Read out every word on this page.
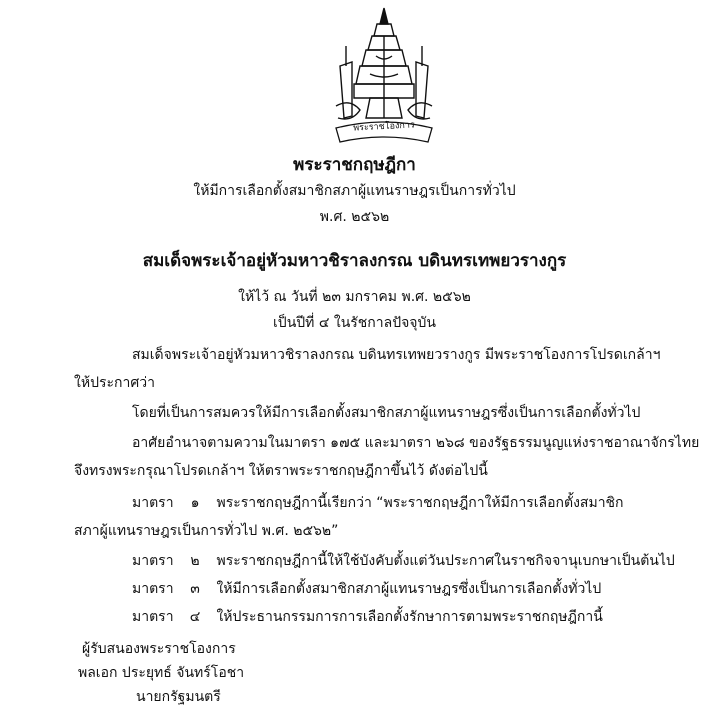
พระราชโองการ
พระราชกฤษฎีกา
ให้มีการเลือกตั้งสมาชิกสภาผู้แทนราษฎรเป็นการทั่วไป
พ.ศ. ๒๕๖๒
สมเด็จพระเจ้าอยู่หัวมหาวชิราลงกรณ บดินทรเทพยวรางกูร
ให้ไว้ ณ วันที่ ๒๓ มกราคม พ.ศ. ๒๕๖๒
เป็นปีที่ ๔ ในรัชกาลปัจจุบัน
สมเด็จพระเจ้าอยู่หัวมหาวชิราลงกรณ บดินทรเทพยวรางกูร มีพระราชโองการโปรดเกล้าฯ
ให้ประกาศว่า
โดยที่เป็นการสมควรให้มีการเลือกตั้งสมาชิกสภาผู้แทนราษฎรซึ่งเป็นการเลือกตั้งทั่วไป
อาศัยอำนาจตามความในมาตรา ๑๗๕ และมาตรา ๒๖๘ ของรัฐธรรมนูญแห่งราชอาณาจักรไทย
จึงทรงพระกรุณาโปรดเกล้าฯ ให้ตราพระราชกฤษฎีกาขึ้นไว้ ดังต่อไปนี้
มาตรา ๑ พระราชกฤษฎีกานี้เรียกว่า “พระราชกฤษฎีกาให้มีการเลือกตั้งสมาชิก
สภาผู้แทนราษฎรเป็นการทั่วไป พ.ศ. ๒๕๖๒”
มาตรา ๒ พระราชกฤษฎีกานี้ให้ใช้บังคับตั้งแต่วันประกาศในราชกิจจานุเบกษาเป็นต้นไป
มาตรา ๓ ให้มีการเลือกตั้งสมาชิกสภาผู้แทนราษฎรซึ่งเป็นการเลือกตั้งทั่วไป
มาตรา ๔ ให้ประธานกรรมการการเลือกตั้งรักษาการตามพระราชกฤษฎีกานี้
ผู้รับสนองพระราชโองการ
พลเอก ประยุทธ์ จันทร์โอชา
นายกรัฐมนตรี
